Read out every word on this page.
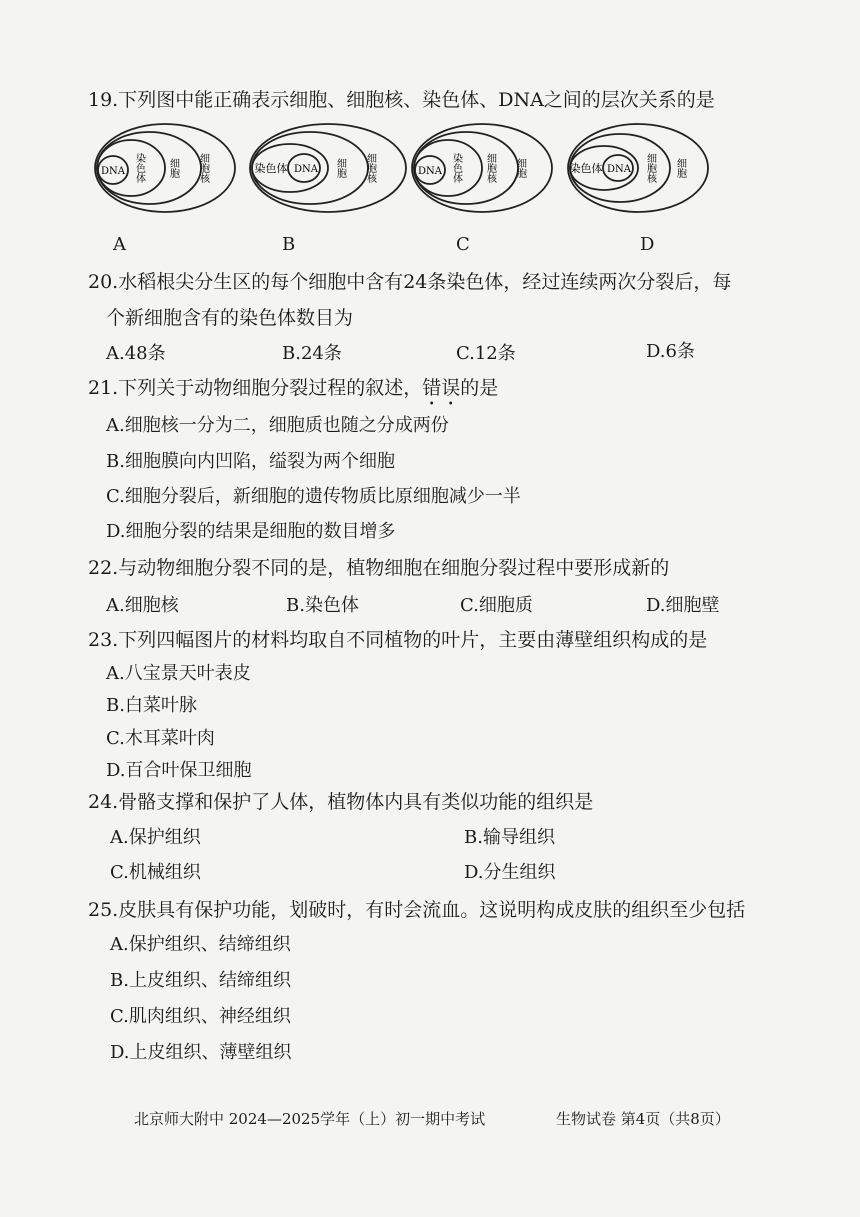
19.下列图中能正确表示细胞、细胞核、染色体、DNA之间的层次关系的是
DNA 染色体 细胞 细胞核	染色体 DNA 细胞 细胞核	DNA 染色体 细胞核 细胞	染色体 DNA 细胞核 细胞
A	B	C	D
20.水稻根尖分生区的每个细胞中含有24条染色体，经过连续两次分裂后，每
个新细胞含有的染色体数目为
A.48条	B.24条	C.12条	D.6条
21.下列关于动物细胞分裂过程的叙述，错误的是
A.细胞核一分为二，细胞质也随之分成两份
B.细胞膜向内凹陷，缢裂为两个细胞
C.细胞分裂后，新细胞的遗传物质比原细胞减少一半
D.细胞分裂的结果是细胞的数目增多
22.与动物细胞分裂不同的是，植物细胞在细胞分裂过程中要形成新的
A.细胞核	B.染色体	C.细胞质	D.细胞壁
23.下列四幅图片的材料均取自不同植物的叶片，主要由薄壁组织构成的是
A.八宝景天叶表皮
B.白菜叶脉
C.木耳菜叶肉
D.百合叶保卫细胞
24.骨骼支撑和保护了人体，植物体内具有类似功能的组织是
A.保护组织	B.输导组织
C.机械组织	D.分生组织
25.皮肤具有保护功能，划破时，有时会流血。这说明构成皮肤的组织至少包括
A.保护组织、结缔组织
B.上皮组织、结缔组织
C.肌肉组织、神经组织
D.上皮组织、薄壁组织
北京师大附中 2024—2025学年（上）初一期中考试	生物试卷 第4页（共8页）
